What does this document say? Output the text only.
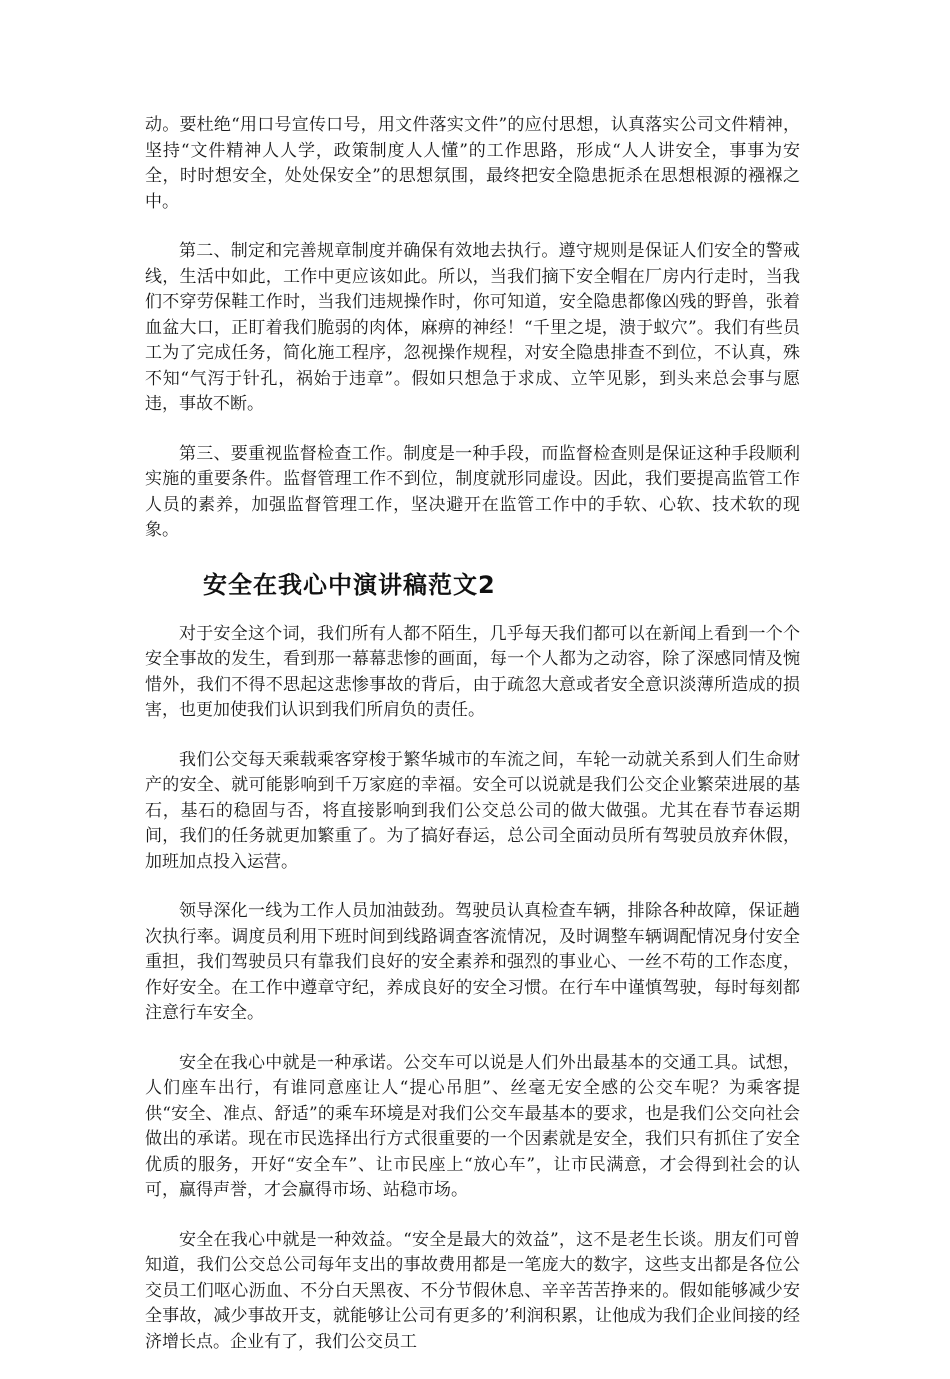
动。要杜绝“用口号宣传口号，用文件落实文件”的应付思想，认真落实公司文件精神，坚持“文件精神人人学，政策制度人人懂”的工作思路，形成“人人讲安全，事事为安全，时时想安全，处处保安全”的思想氛围，最终把安全隐患扼杀在思想根源的襁褓之中。

第二、制定和完善规章制度并确保有效地去执行。遵守规则是保证人们安全的警戒线，生活中如此，工作中更应该如此。所以，当我们摘下安全帽在厂房内行走时，当我们不穿劳保鞋工作时，当我们违规操作时，你可知道，安全隐患都像凶残的野兽，张着血盆大口，正盯着我们脆弱的肉体，麻痹的神经！“千里之堤，溃于蚁穴”。我们有些员工为了完成任务，简化施工程序，忽视操作规程，对安全隐患排查不到位，不认真，殊不知“气泻于针孔，祸始于违章”。假如只想急于求成、立竿见影，到头来总会事与愿违，事故不断。

第三、要重视监督检查工作。制度是一种手段，而监督检查则是保证这种手段顺利实施的重要条件。监督管理工作不到位，制度就形同虚设。因此，我们要提高监管工作人员的素养，加强监督管理工作，坚决避开在监管工作中的手软、心软、技术软的现象。

安全在我心中演讲稿范文2

对于安全这个词，我们所有人都不陌生，几乎每天我们都可以在新闻上看到一个个安全事故的发生，看到那一幕幕悲惨的画面，每一个人都为之动容，除了深感同情及惋惜外，我们不得不思起这悲惨事故的背后，由于疏忽大意或者安全意识淡薄所造成的损害，也更加使我们认识到我们所肩负的责任。

我们公交每天乘载乘客穿梭于繁华城市的车流之间，车轮一动就关系到人们生命财产的安全、就可能影响到千万家庭的幸福。安全可以说就是我们公交企业繁荣进展的基石，基石的稳固与否，将直接影响到我们公交总公司的做大做强。尤其在春节春运期间，我们的任务就更加繁重了。为了搞好春运，总公司全面动员所有驾驶员放弃休假，加班加点投入运营。

领导深化一线为工作人员加油鼓劲。驾驶员认真检查车辆，排除各种故障，保证趟次执行率。调度员利用下班时间到线路调查客流情况，及时调整车辆调配情况身付安全重担，我们驾驶员只有靠我们良好的安全素养和强烈的事业心、一丝不苟的工作态度，作好安全。在工作中遵章守纪，养成良好的安全习惯。在行车中谨慎驾驶，每时每刻都注意行车安全。

安全在我心中就是一种承诺。公交车可以说是人们外出最基本的交通工具。试想，人们座车出行，有谁同意座让人“提心吊胆”、丝毫无安全感的公交车呢？为乘客提供“安全、准点、舒适”的乘车环境是对我们公交车最基本的要求，也是我们公交向社会做出的承诺。现在市民选择出行方式很重要的一个因素就是安全，我们只有抓住了安全优质的服务，开好“安全车”、让市民座上“放心车”，让市民满意，才会得到社会的认可，赢得声誉，才会赢得市场、站稳市场。

安全在我心中就是一种效益。“安全是最大的效益”，这不是老生长谈。朋友们可曾知道，我们公交总公司每年支出的事故费用都是一笔庞大的数字，这些支出都是各位公交员工们呕心沥血、不分白天黑夜、不分节假休息、辛辛苦苦挣来的。假如能够减少安全事故，减少事故开支，就能够让公司有更多的’利润积累，让他成为我们企业间接的经济增长点。企业有了，我们公交员工
